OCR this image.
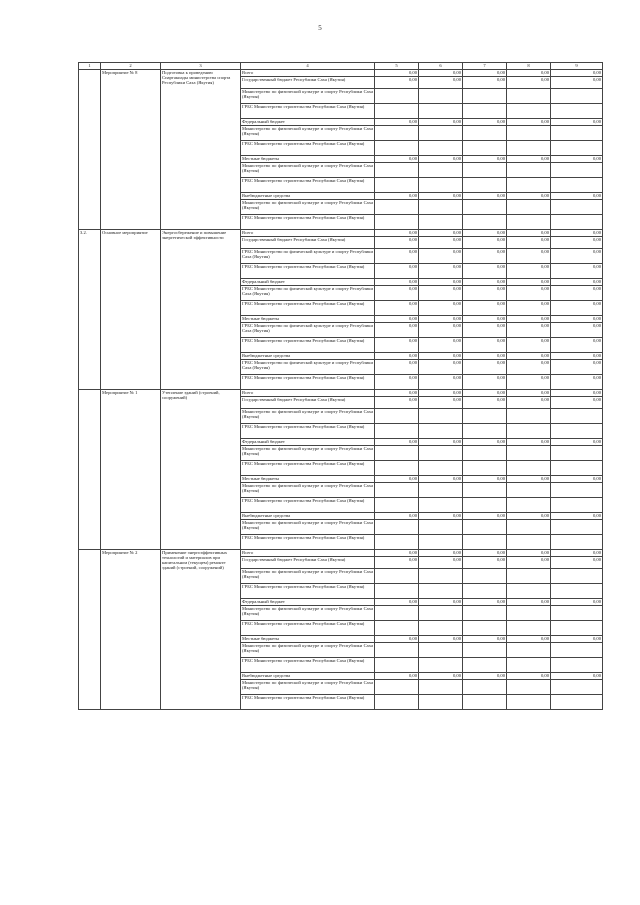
5
1	2	3	4	5	6	7	8	9
	Мероприятие № 8	Подготовка к проведению Спартакиады министерства спорта Республики Саха (Якутия)	Всего	0,00	0,00	0,00	0,00	0,00
			Государственный бюджет Республики Саха (Якутия)	0,00	0,00	0,00	0,00	0,00
			Министерство по физической культуре и спорту Республики Саха (Якутия)					
			ГРБС Министерство строительства Республики Саха (Якутия)					
			Федеральный бюджет	0,00	0,00	0,00	0,00	0,00
			Министерство по физической культуре и спорту Республики Саха (Якутия)					
			ГРБС Министерство строительства Республики Саха (Якутия)					
			Местные бюджеты	0,00	0,00	0,00	0,00	0,00
			Министерство по физической культуре и спорту Республики Саха (Якутия)					
			ГРБС Министерство строительства Республики Саха (Якутия)					
			Внебюджетные средства	0,00	0,00	0,00	0,00	0,00
			Министерство по физической культуре и спорту Республики Саха (Якутия)					
			ГРБС Министерство строительства Республики Саха (Якутия)					
3.2.	Основное мероприятие	Энергосбережение и повышение энергетической эффективности	Всего	0,00	0,00	0,00	0,00	0,00
			Государственный бюджет Республики Саха (Якутия)	0,00	0,00	0,00	0,00	0,00
			ГРБС Министерство по физической культуре и спорту Республики Саха (Якутия)	0,00	0,00	0,00	0,00	0,00
			ГРБС Министерство строительства Республики Саха (Якутия)	0,00	0,00	0,00	0,00	0,00
			Федеральный бюджет	0,00	0,00	0,00	0,00	0,00
			ГРБС Министерство по физической культуре и спорту Республики Саха (Якутия)	0,00	0,00	0,00	0,00	0,00
			ГРБС Министерство строительства Республики Саха (Якутия)	0,00	0,00	0,00	0,00	0,00
			Местные бюджеты	0,00	0,00	0,00	0,00	0,00
			ГРБС Министерство по физической культуре и спорту Республики Саха (Якутия)	0,00	0,00	0,00	0,00	0,00
			ГРБС Министерство строительства Республики Саха (Якутия)	0,00	0,00	0,00	0,00	0,00
			Внебюджетные средства	0,00	0,00	0,00	0,00	0,00
			ГРБС Министерство по физической культуре и спорту Республики Саха (Якутия)	0,00	0,00	0,00	0,00	0,00
			ГРБС Министерство строительства Республики Саха (Якутия)	0,00	0,00	0,00	0,00	0,00
	Мероприятие № 1	Утепление зданий (строений, сооружений)	Всего	0,00	0,00	0,00	0,00	0,00
			Государственный бюджет Республики Саха (Якутия)	0,00	0,00	0,00	0,00	0,00
			Министерство по физической культуре и спорту Республики Саха (Якутия)					
			ГРБС Министерство строительства Республики Саха (Якутия)					
			Федеральный бюджет	0,00	0,00	0,00	0,00	0,00
			Министерство по физической культуре и спорту Республики Саха (Якутия)					
			ГРБС Министерство строительства Республики Саха (Якутия)					
			Местные бюджеты	0,00	0,00	0,00	0,00	0,00
			Министерство по физической культуре и спорту Республики Саха (Якутия)					
			ГРБС Министерство строительства Республики Саха (Якутия)					
			Внебюджетные средства	0,00	0,00	0,00	0,00	0,00
			Министерство по физической культуре и спорту Республики Саха (Якутия)					
			ГРБС Министерство строительства Республики Саха (Якутия)					
	Мероприятие № 2	Применение энергоэффективных технологий и материалов при капитальном (текущем) ремонте зданий (строений, сооружений)	Всего	0,00	0,00	0,00	0,00	0,00
			Государственный бюджет Республики Саха (Якутия)	0,00	0,00	0,00	0,00	0,00
			Министерство по физической культуре и спорту Республики Саха (Якутия)					
			ГРБС Министерство строительства Республики Саха (Якутия)					
			Федеральный бюджет	0,00	0,00	0,00	0,00	0,00
			Министерство по физической культуре и спорту Республики Саха (Якутия)					
			ГРБС Министерство строительства Республики Саха (Якутия)					
			Местные бюджеты	0,00	0,00	0,00	0,00	0,00
			Министерство по физической культуре и спорту Республики Саха (Якутия)					
			ГРБС Министерство строительства Республики Саха (Якутия)					
			Внебюджетные средства	0,00	0,00	0,00	0,00	0,00
			Министерство по физической культуре и спорту Республики Саха (Якутия)					
			ГРБС Министерство строительства Республики Саха (Якутия)					
